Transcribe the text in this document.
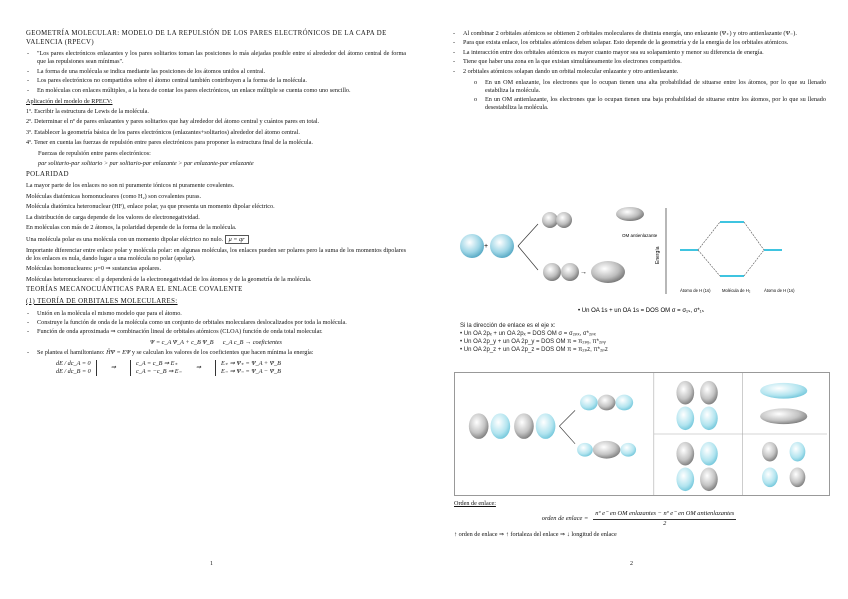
GEOMETRÍA MOLECULAR: MODELO DE LA REPULSIÓN DE LOS PARES ELECTRÓNICOS DE LA CAPA DE VALENCIA (RPECV)
- "Los pares electrónicos enlazantes y los pares solitarios toman las posiciones lo más alejadas posible entre sí alrededor del átomo central de forma que las repulsiones sean mínimas".
- La forma de una molécula se indica mediante las posiciones de los átomos unidos al central.
- Los pares electrónicos no compartidos sobre el átomo central también contribuyen a la forma de la molécula.
- En moléculas con enlaces múltiples, a la hora de contar los pares electrónicos, un enlace múltiple se cuenta como uno sencillo.

Aplicación del modelo de RPECV:

1º. Escribir la estructura de Lewis de la molécula.

2º. Determinar el nº de pares enlazantes y pares solitarios que hay alrededor del átomo central y cuántos pares en total.

3º. Establecer la geometría básica de los pares electrónicos (enlazantes+solitarios) alrededor del átomo central.

4º. Tener en cuenta las fuerzas de repulsión entre pares electrónicos para proponer la estructura final de la molécula.

Fuerzas de repulsión entre pares electrónicos:

par solitario-par solitario > par solitario-par enlazante > par enlazante-par enlazante

POLARIDAD

La mayor parte de los enlaces no son ni puramente iónicos ni puramente covalentes.

Moléculas diatómicas homonucleares (como H₂) son covalentes puras.

Molécula diatómica heteronuclear (HF), enlace polar, ya que presenta un momento dipolar eléctrico.

La distribución de carga depende de los valores de electronegatividad.

En moléculas con más de 2 átomos, la polaridad depende de la forma de la molécula.

Una molécula polar es una molécula con un momento dipolar eléctrico no nulo. μ = qr

Importante diferenciar entre enlace polar y molécula polar: en algunas moléculas, los enlaces pueden ser polares pero la suma de los momentos dipolares de los enlaces es nula, dando lugar a una molécula no polar (apolar).

Moléculas homonucleares: μ=0 ⇒ sustancias apolares.

Moléculas heteronucleares: el μ dependerá de la electronegatividad de los átomos y de la geometría de la molécula.

TEORÍAS MECANOCUÁNTICAS PARA EL ENLACE COVALENTE
(1) TEORÍA DE ORBITALES MOLECULARES:
- Unión en la molécula el mismo modelo que para el átomo.
- Construye la función de onda de la molécula como un conjunto de orbitales moleculares deslocalizados por toda la molécula.
- Función de onda aproximada ⇒ combinación lineal de orbitales atómicos (CLOA) función de onda total molecular.

Ψ = c_A Ψ_A + c_B Ψ_B c_A c_B → coeficientes

- Se plantea el hamiltoniano: ĤΨ = EΨ y se calculan los valores de los coeficientes que hacen mínima la energía:
dE / dc_A = 0
dE / dc_B = 0
⇒
c_A = c_B ⇒ E₊
c_A = −c_B ⇒ E₋
⇒
E₊ ⇒ Ψ₊ = Ψ_A + Ψ_B
E₋ ⇒ Ψ₋ = Ψ_A − Ψ_B
1
- Al combinar 2 orbitales atómicos se obtienen 2 orbitales moleculares de distinta energía, uno enlazante (Ψ₊) y otro antienlazante (Ψ₋).
- Para que exista enlace, los orbitales atómicos deben solapar. Esto depende de la geometría y de la energía de los orbitales atómicos.
- La interacción entre dos orbitales atómicos es mayor cuanto mayor sea su solapamiento y menor su diferencia de energía.
- Tiene que haber una zona en la que existan simultáneamente los electrones compartidos.
- 2 orbitales atómicos solapan dando un orbital molecular enlazante y otro antienlazante.
o En un OM enlazante, los electrones que lo ocupan tienen una alta probabilidad de situarse entre los átomos, por lo que su llenado estabiliza la molécula.
o En un OM antienlazante, los electrones que lo ocupan tienen una baja probabilidad de situarse entre los átomos, por lo que su llenado desestabiliza la molécula.
+
→
OM antienlazante
Energía
Átomo de H (1s)	Molécula de H₂	Átomo de H (1s)
• Un OA 1s + un OA 1s = DOS OM σ = σ₁ₛ, σ*₁ₛ
Si la dirección de enlace es el eje x:
• Un OA 2pₓ + un OA 2pₓ = DOS OM σ = σ₂ₚₓ, σ*₂ₚₓ
• Un OA 2p_y + un OA 2p_y = DOS OM π = π₂ₚᵧ, π*₂ₚᵧ
• Un OA 2p_z + un OA 2p_z = DOS OM π = π₂ₚz, π*₂ₚz

Orden de enlace:

orden de enlace =
nº e⁻ en OM enlazantes − nº e⁻ en OM antienlazantes
2

↑ orden de enlace ⇒ ↑ fortaleza del enlace ⇒ ↓ longitud de enlace

2
